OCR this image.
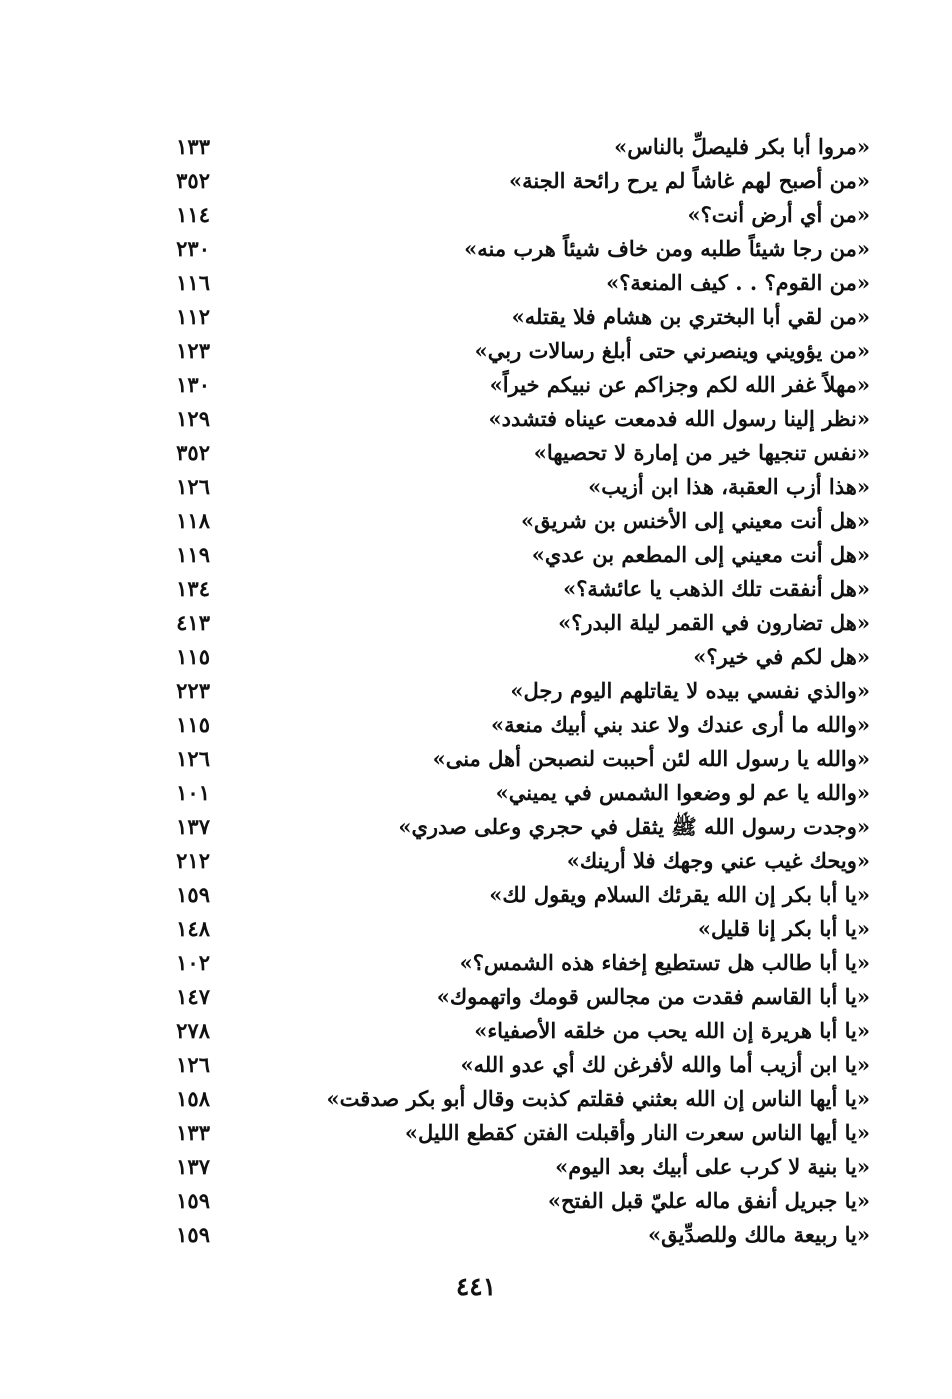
«مروا أبا بكر فليصلِّ بالناس»
١٣٣
«من أصبح لهم غاشاً لم يرح رائحة الجنة»
٣٥٢
«من أي أرض أنت؟»
١١٤
«من رجا شيئاً طلبه ومن خاف شيئاً هرب منه»
٢٣٠
«من القوم؟ . . كيف المنعة؟»
١١٦
«من لقي أبا البختري بن هشام فلا يقتله»
١١٢
«من يؤويني وينصرني حتى أبلغ رسالات ربي»
١٢٣
«مهلاً غفر الله لكم وجزاكم عن نبيكم خيراً»
١٣٠
«نظر إلينا رسول الله فدمعت عيناه فتشدد»
١٢٩
«نفس تنجيها خير من إمارة لا تحصيها»
٣٥٢
«هذا أزب العقبة، هذا ابن أزيب»
١٢٦
«هل أنت معيني إلى الأخنس بن شريق»
١١٨
«هل أنت معيني إلى المطعم بن عدي»
١١٩
«هل أنفقت تلك الذهب يا عائشة؟»
١٣٤
«هل تضارون في القمر ليلة البدر؟»
٤١٣
«هل لكم في خير؟»
١١٥
«والذي نفسي بيده لا يقاتلهم اليوم رجل»
٢٢٣
«والله ما أرى عندك ولا عند بني أبيك منعة»
١١٥
«والله يا رسول الله لئن أحببت لنصبحن أهل منى»
١٢٦
«والله يا عم لو وضعوا الشمس في يميني»
١٠١
«وجدت رسول الله ﷺ يثقل في حجري وعلى صدري»
١٣٧
«ويحك غيب عني وجهك فلا أرينك»
٢١٢
«يا أبا بكر إن الله يقرئك السلام ويقول لك»
١٥٩
«يا أبا بكر إنا قليل»
١٤٨
«يا أبا طالب هل تستطيع إخفاء هذه الشمس؟»
١٠٢
«يا أبا القاسم فقدت من مجالس قومك واتهموك»
١٤٧
«يا أبا هريرة إن الله يحب من خلقه الأصفياء»
٢٧٨
«يا ابن أزيب أما والله لأفرغن لك أي عدو الله»
١٢٦
«يا أيها الناس إن الله بعثني فقلتم كذبت وقال أبو بكر صدقت»
١٥٨
«يا أيها الناس سعرت النار وأقبلت الفتن كقطع الليل»
١٣٣
«يا بنية لا كرب على أبيك بعد اليوم»
١٣٧
«يا جبريل أنفق ماله عليّ قبل الفتح»
١٥٩
«يا ربيعة مالك وللصدِّيق»
١٥٩
٤٤١
